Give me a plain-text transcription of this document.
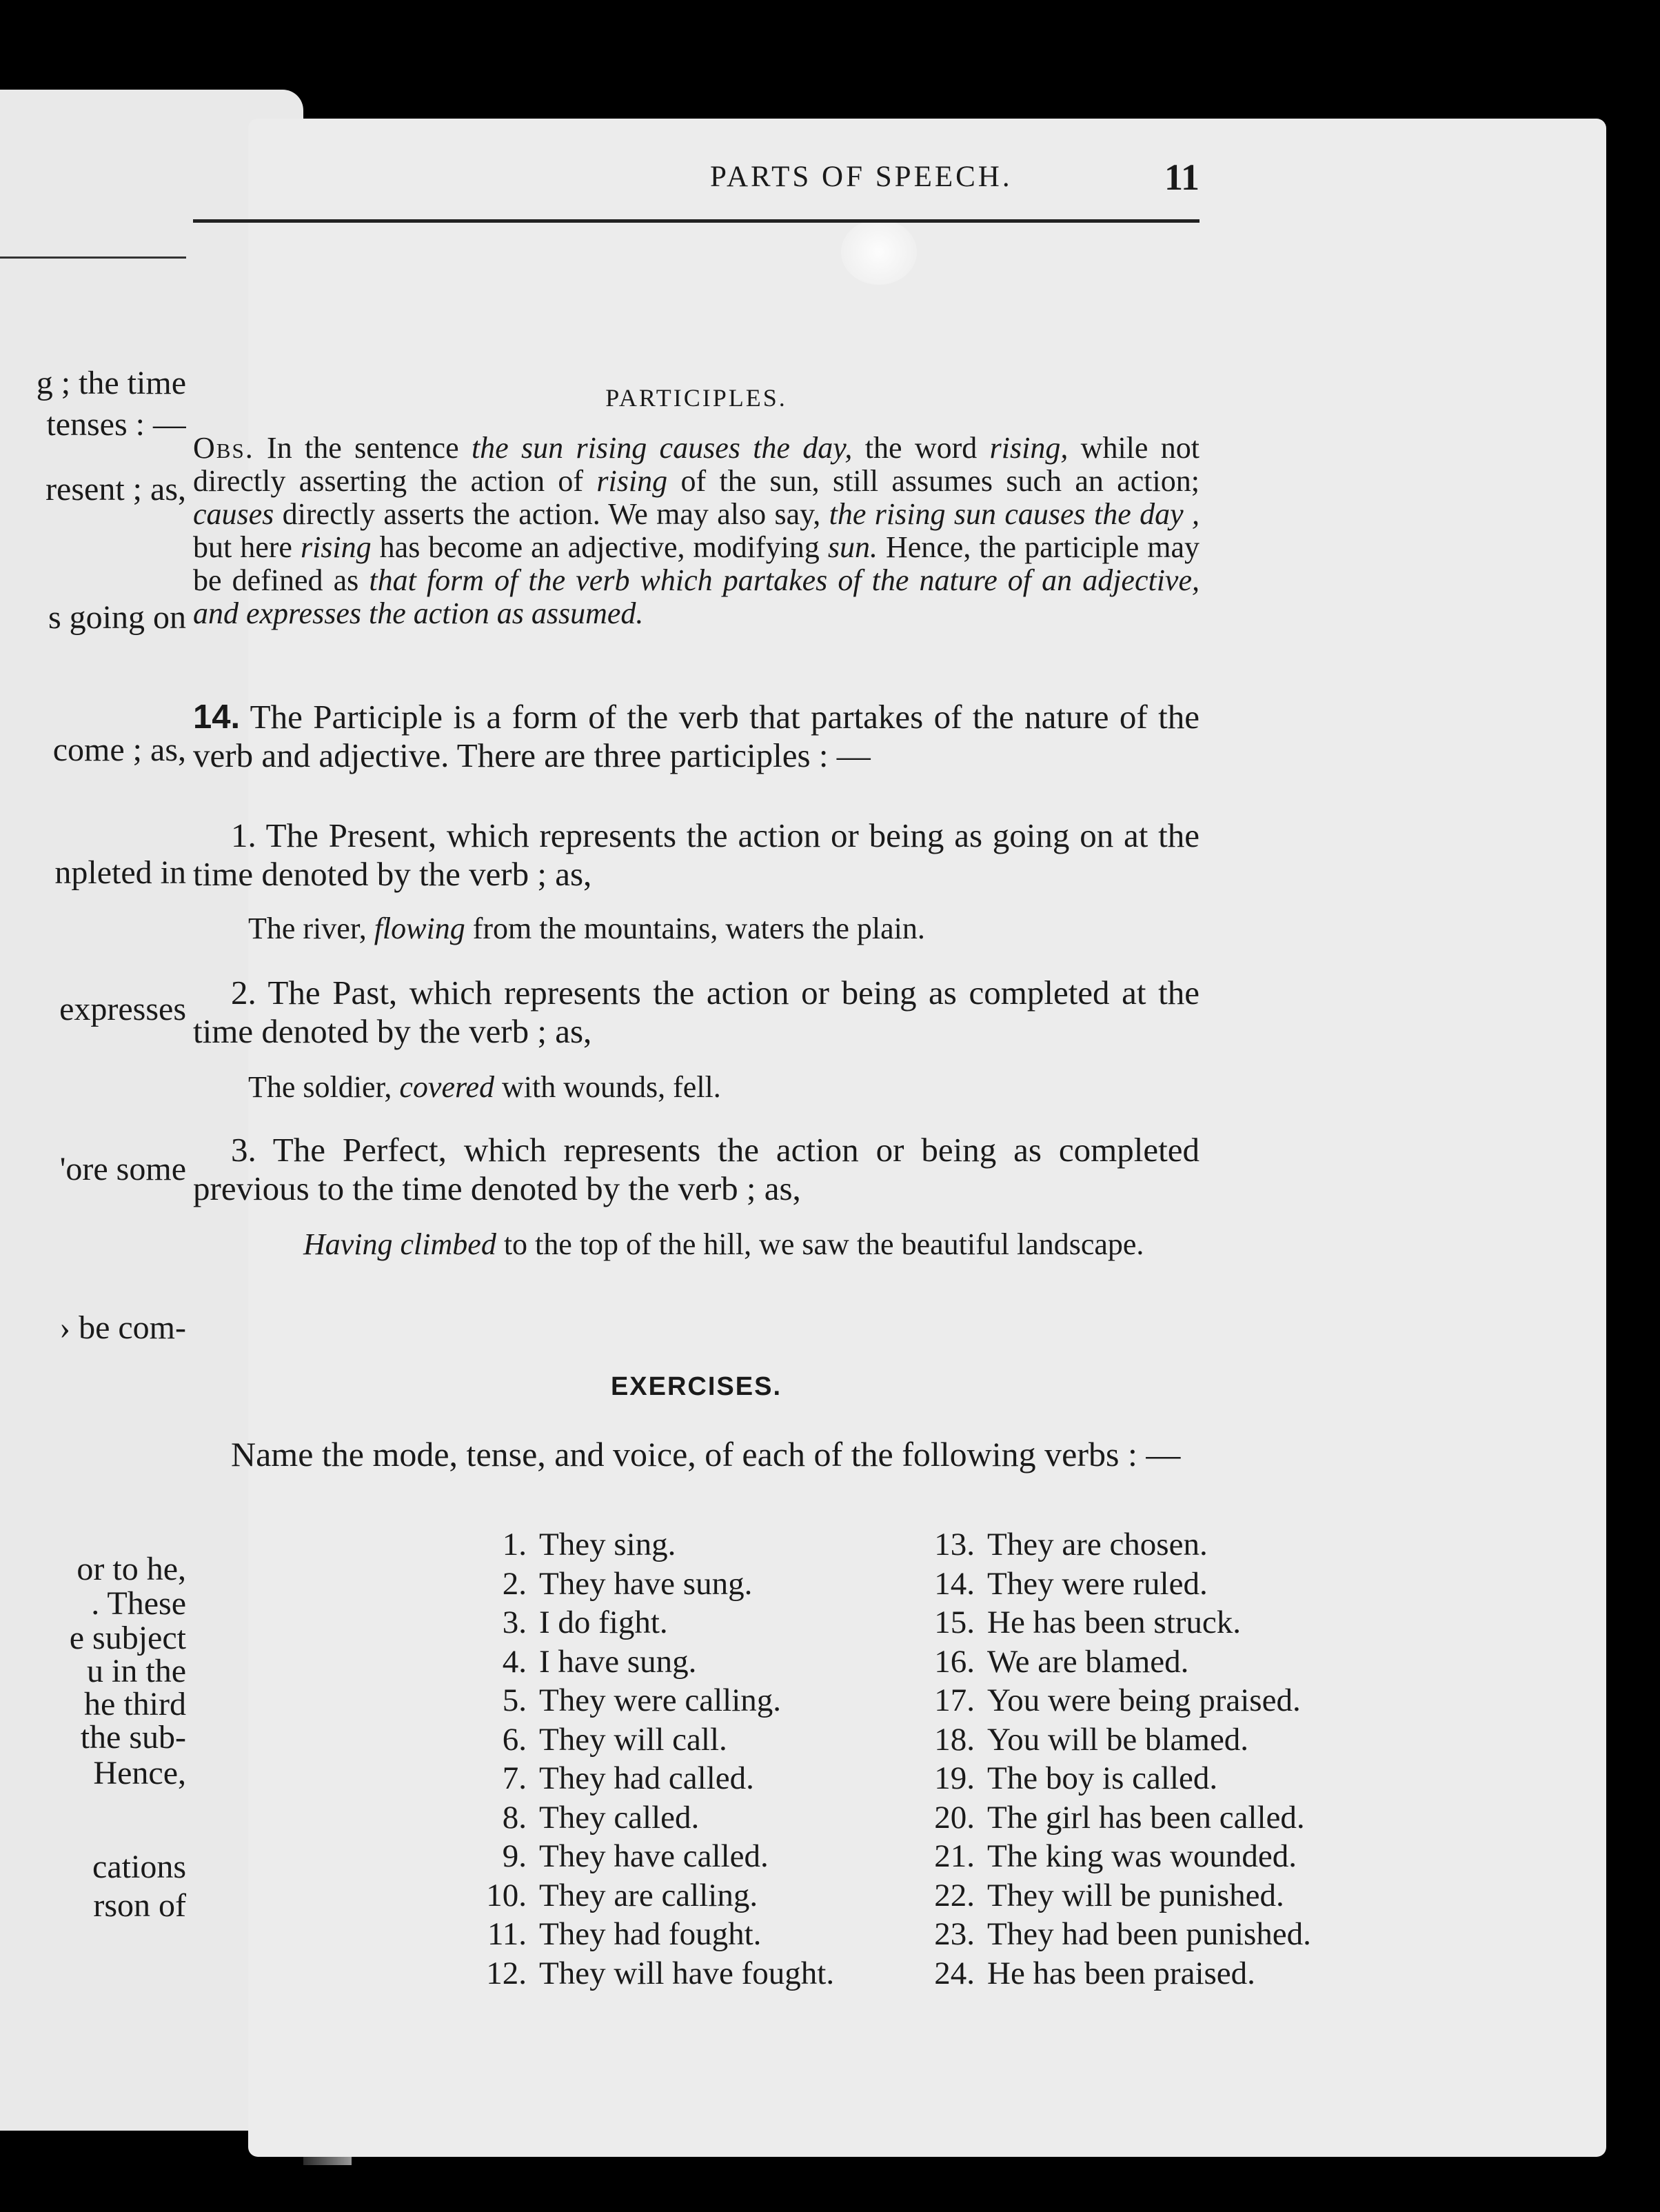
g ; the time
tenses : —
resent ; as,
s going on
come ; as,
npleted in
expresses
'ore some
› be com-
or to he,
. These
e subject
u in the
he third
the sub-
Hence,
cations
rson of
PARTS OF SPEECH.	11
PARTICIPLES.
Obs. In the sentence the sun rising causes the day, the word rising, while not directly asserting the action of rising of the sun, still assumes such an action; causes directly asserts the action. We may also say, the rising sun causes the day , but here rising has become an adjective, modifying sun. Hence, the participle may be defined as that form of the verb which partakes of the nature of an adjective, and expresses the action as assumed.
14. The Participle is a form of the verb that partakes of the nature of the verb and adjective. There are three participles : —
1. The Present, which represents the action or being as going on at the time denoted by the verb ; as,
The river, flowing from the mountains, waters the plain.
2. The Past, which represents the action or being as completed at the time denoted by the verb ; as,
The soldier, covered with wounds, fell.
3. The Perfect, which represents the action or being as completed previous to the time denoted by the verb ; as,
Having climbed to the top of the hill, we saw the beautiful landscape.
EXERCISES.
Name the mode, tense, and voice, of each of the following verbs : —
1. They sing.
2. They have sung.
3. I do fight.
4. I have sung.
5. They were calling.
6. They will call.
7. They had called.
8. They called.
9. They have called.
10. They are calling.
11. They had fought.
12. They will have fought.
13. They are chosen.
14. They were ruled.
15. He has been struck.
16. We are blamed.
17. You were being praised.
18. You will be blamed.
19. The boy is called.
20. The girl has been called.
21. The king was wounded.
22. They will be punished.
23. They had been punished.
24. He has been praised.
